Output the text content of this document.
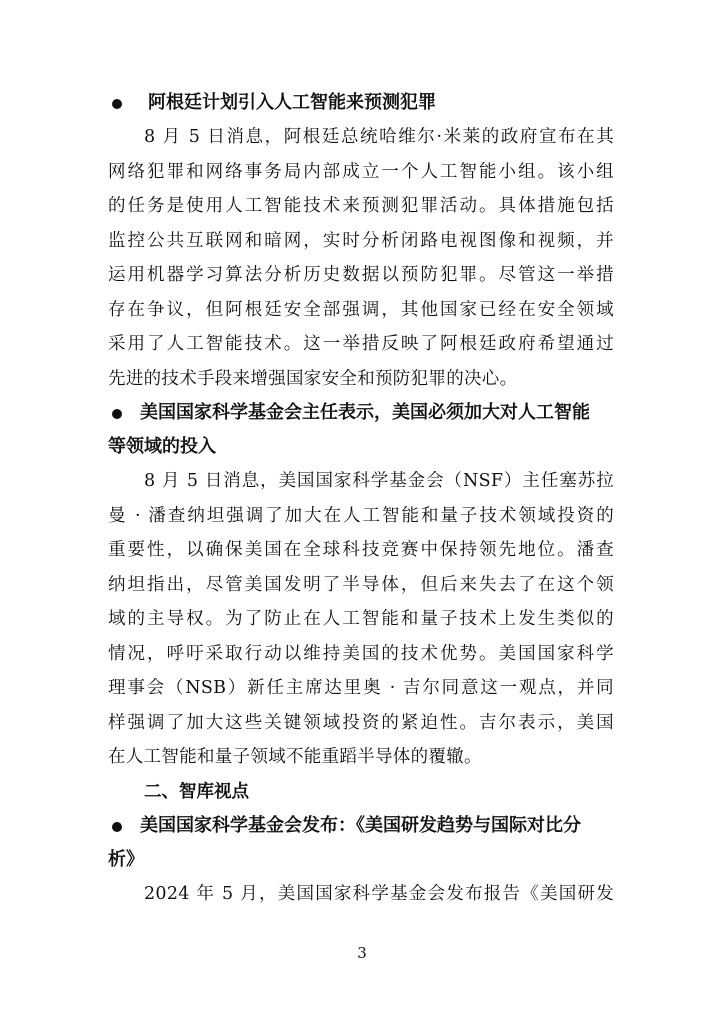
阿根廷计划引入人工智能来预测犯罪
8 月 5 日消息，阿根廷总统哈维尔·米莱的政府宣布在其
网络犯罪和网络事务局内部成立一个人工智能小组。该小组
的任务是使用人工智能技术来预测犯罪活动。具体措施包括
监控公共互联网和暗网，实时分析闭路电视图像和视频，并
运用机器学习算法分析历史数据以预防犯罪。尽管这一举措
存在争议，但阿根廷安全部强调，其他国家已经在安全领域
采用了人工智能技术。这一举措反映了阿根廷政府希望通过
先进的技术手段来增强国家安全和预防犯罪的决心。
美国国家科学基金会主任表示，美国必须加大对人工智能
等领域的投入
8 月 5 日消息，美国国家科学基金会（NSF）主任塞苏拉
曼 · 潘查纳坦强调了加大在人工智能和量子技术领域投资的
重要性，以确保美国在全球科技竞赛中保持领先地位。潘查
纳坦指出，尽管美国发明了半导体，但后来失去了在这个领
域的主导权。为了防止在人工智能和量子技术上发生类似的
情况，呼吁采取行动以维持美国的技术优势。美国国家科学
理事会（NSB）新任主席达里奥 · 吉尔同意这一观点，并同
样强调了加大这些关键领域投资的紧迫性。吉尔表示，美国
在人工智能和量子领域不能重蹈半导体的覆辙。
二、智库视点
美国国家科学基金会发布：《美国研发趋势与国际对比分
析》
2024 年 5 月，美国国家科学基金会发布报告《美国研发
3
